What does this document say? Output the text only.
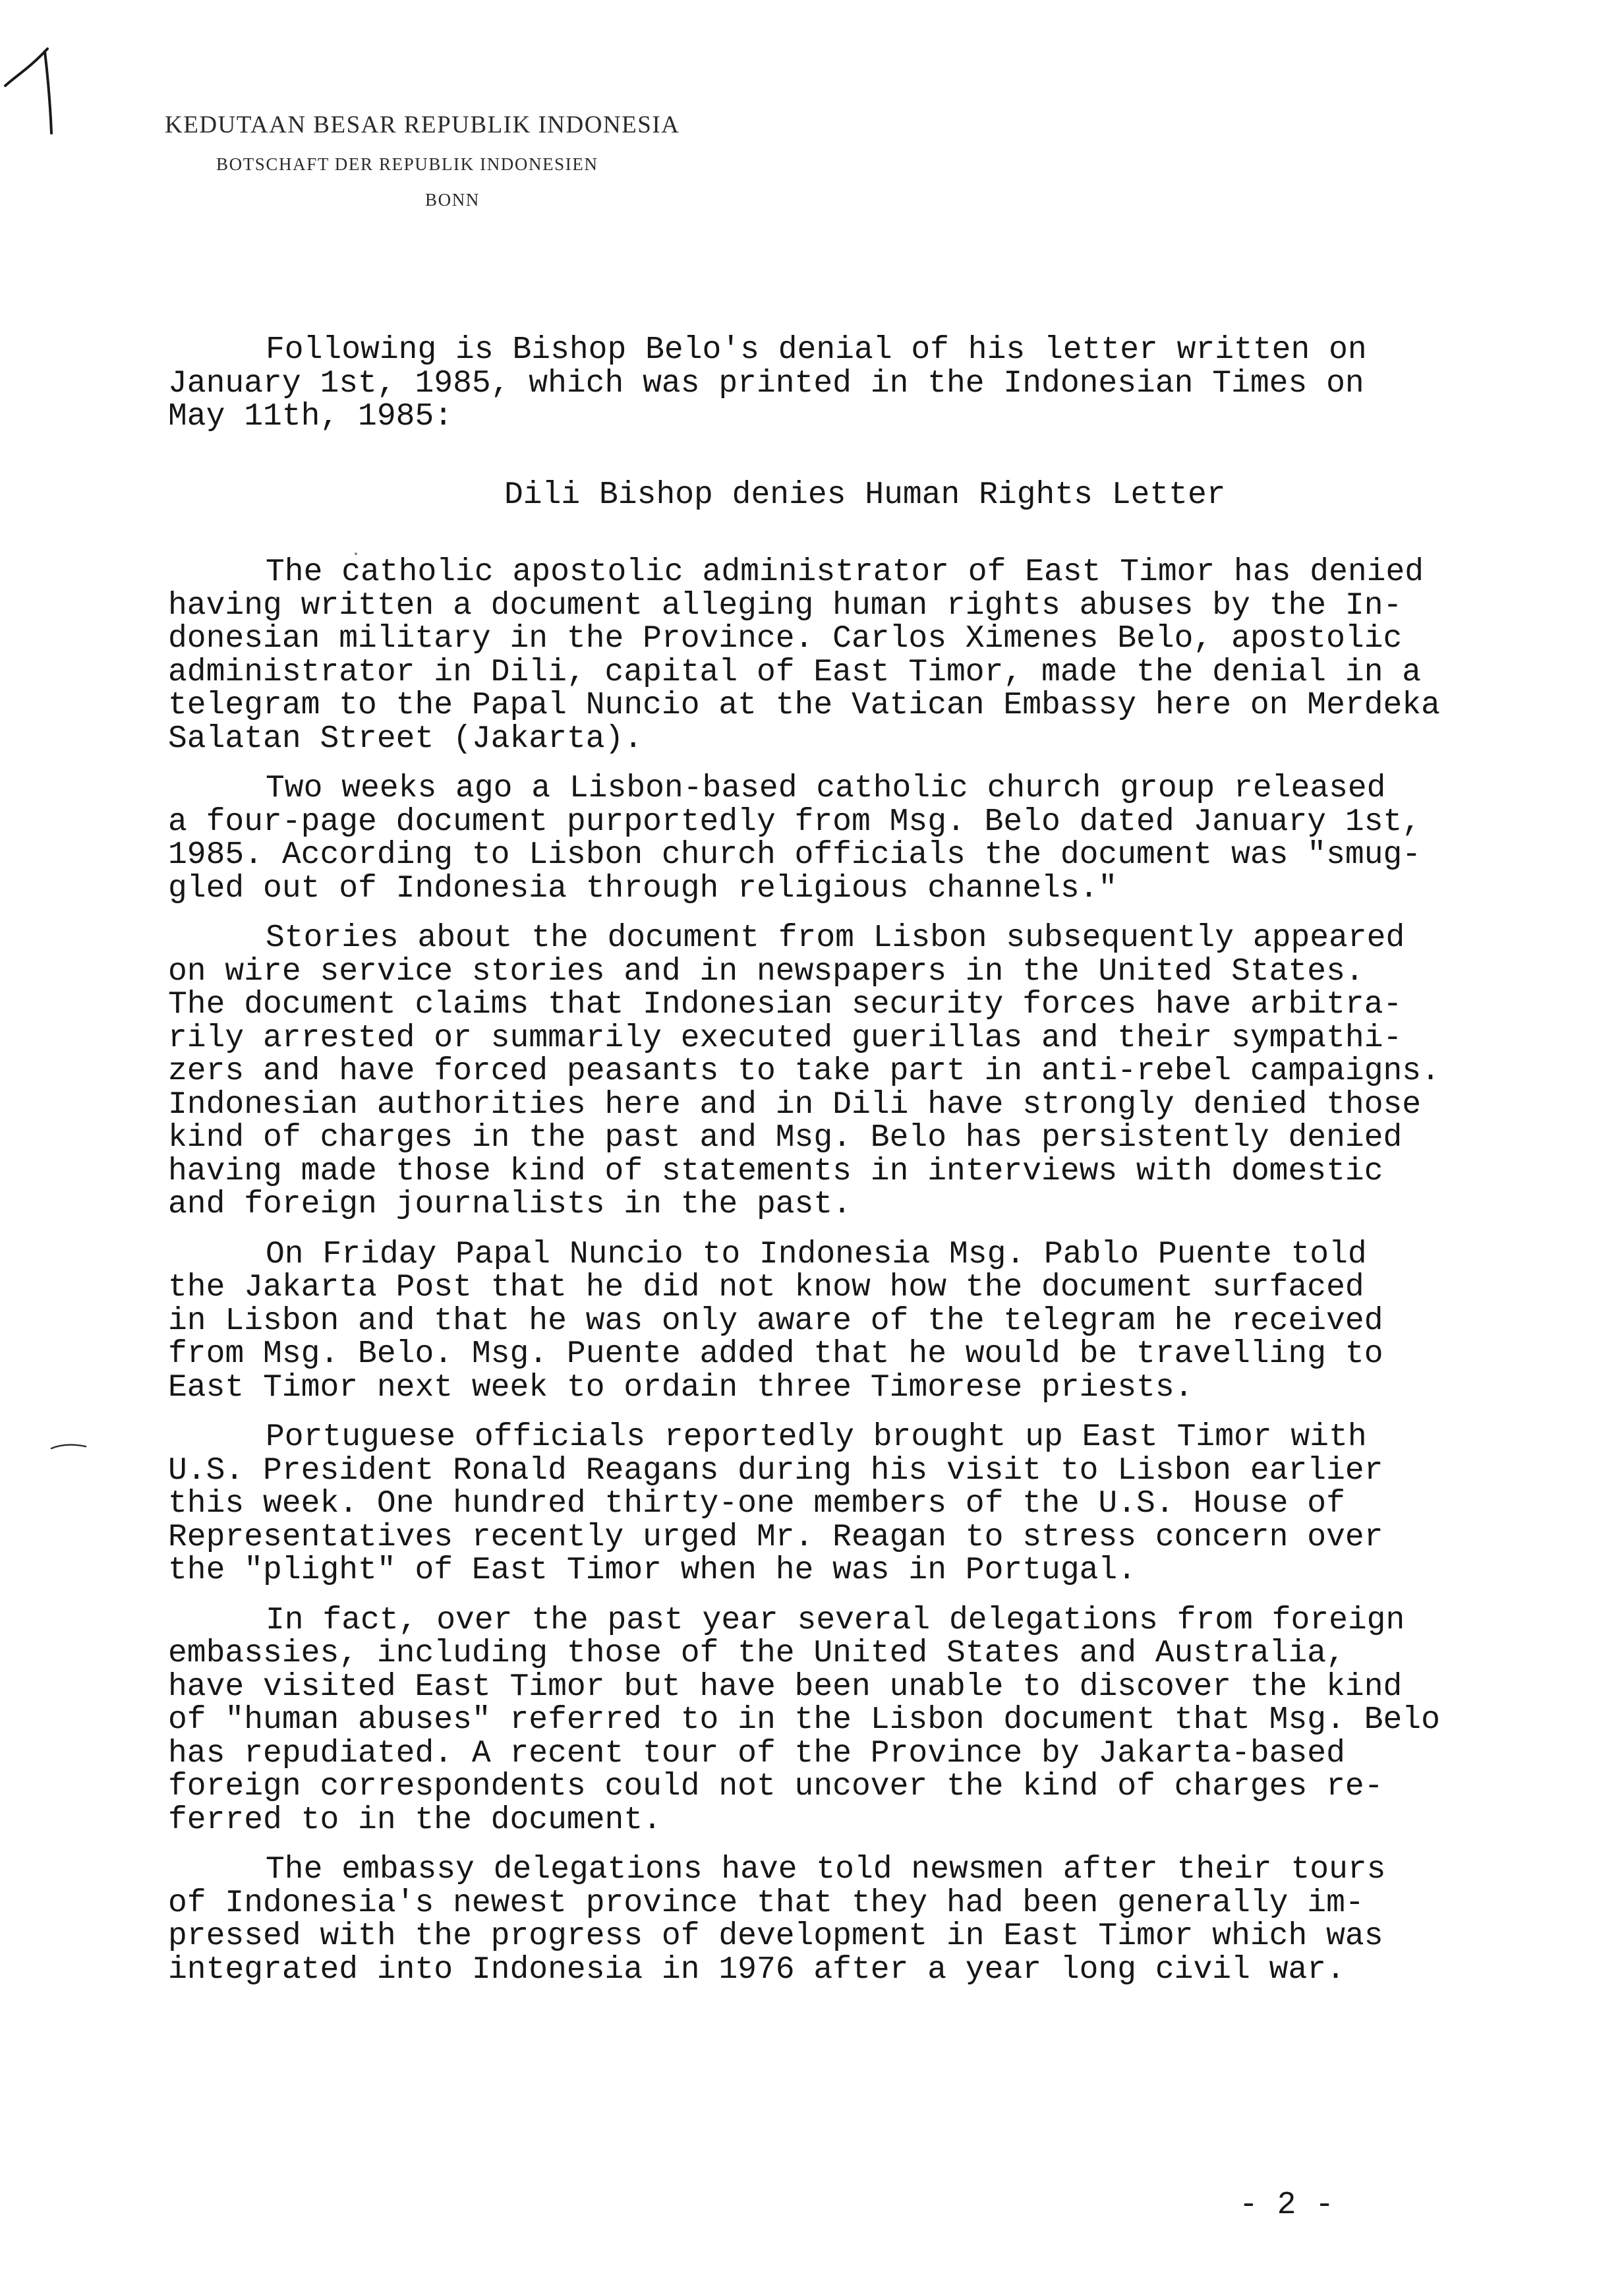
KEDUTAAN BESAR REPUBLIK INDONESIA
BOTSCHAFT DER REPUBLIK INDONESIEN
BONN

Following is Bishop Belo's denial of his letter written on
January 1st, 1985, which was printed in the Indonesian Times on
May 11th, 1985:

Dili Bishop denies Human Rights Letter

The catholic apostolic administrator of East Timor has denied
having written a document alleging human rights abuses by the In-
donesian military in the Province. Carlos Ximenes Belo, apostolic
administrator in Dili, capital of East Timor, made the denial in a
telegram to the Papal Nuncio at the Vatican Embassy here on Merdeka
Salatan Street (Jakarta).

Two weeks ago a Lisbon-based catholic church group released
a four-page document purportedly from Msg. Belo dated January 1st,
1985. According to Lisbon church officials the document was "smug-
gled out of Indonesia through religious channels."

Stories about the document from Lisbon subsequently appeared
on wire service stories and in newspapers in the United States.
The document claims that Indonesian security forces have arbitra-
rily arrested or summarily executed guerillas and their sympathi-
zers and have forced peasants to take part in anti-rebel campaigns.
Indonesian authorities here and in Dili have strongly denied those
kind of charges in the past and Msg. Belo has persistently denied
having made those kind of statements in interviews with domestic
and foreign journalists in the past.

On Friday Papal Nuncio to Indonesia Msg. Pablo Puente told
the Jakarta Post that he did not know how the document surfaced
in Lisbon and that he was only aware of the telegram he received
from Msg. Belo. Msg. Puente added that he would be travelling to
East Timor next week to ordain three Timorese priests.

Portuguese officials reportedly brought up East Timor with
U.S. President Ronald Reagans during his visit to Lisbon earlier
this week. One hundred thirty-one members of the U.S. House of
Representatives recently urged Mr. Reagan to stress concern over
the "plight" of East Timor when he was in Portugal.

In fact, over the past year several delegations from foreign
embassies, including those of the United States and Australia,
have visited East Timor but have been unable to discover the kind
of "human abuses" referred to in the Lisbon document that Msg. Belo
has repudiated. A recent tour of the Province by Jakarta-based
foreign correspondents could not uncover the kind of charges re-
ferred to in the document.

The embassy delegations have told newsmen after their tours
of Indonesia's newest province that they had been generally im-
pressed with the progress of development in East Timor which was
integrated into Indonesia in 1976 after a year long civil war.

- 2 -
